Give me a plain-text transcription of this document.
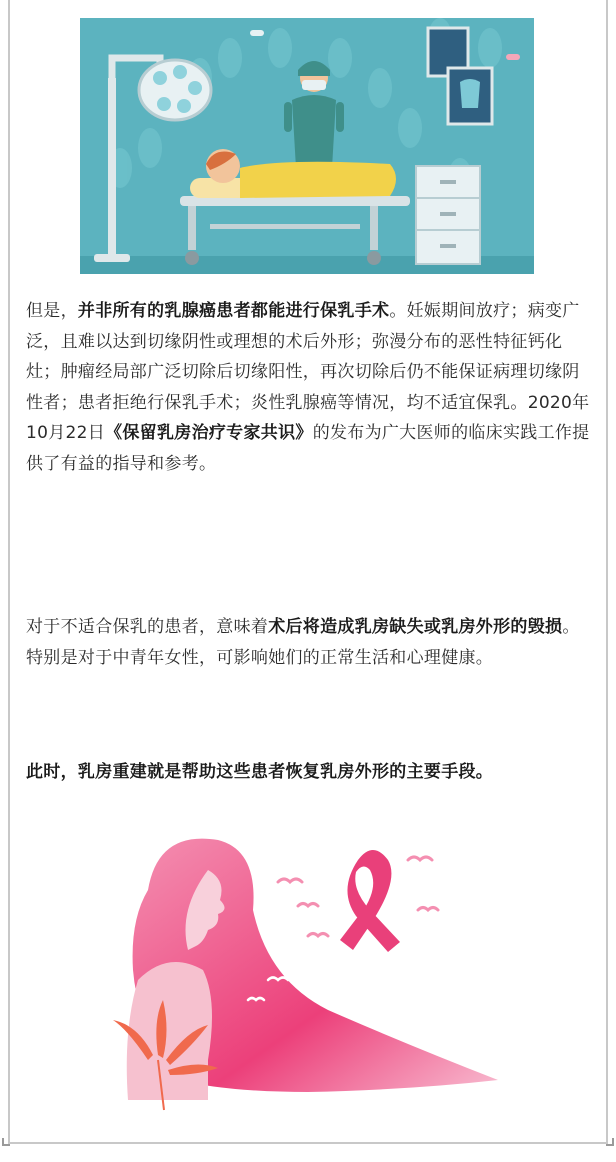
但是，并非所有的乳腺癌患者都能进行保乳手术。妊娠期间放疗；病变广泛，且难以达到切缘阴性或理想的术后外形；弥漫分布的恶性特征钙化灶；肿瘤经局部广泛切除后切缘阳性，再次切除后仍不能保证病理切缘阴性者；患者拒绝行保乳手术；炎性乳腺癌等情况，均不适宜保乳。2020年10月22日《保留乳房治疗专家共识》的发布为广大医师的临床实践工作提供了有益的指导和参考。

对于不适合保乳的患者，意味着术后将造成乳房缺失或乳房外形的毁损。特别是对于中青年女性，可影响她们的正常生活和心理健康。

此时，乳房重建就是帮助这些患者恢复乳房外形的主要手段。
